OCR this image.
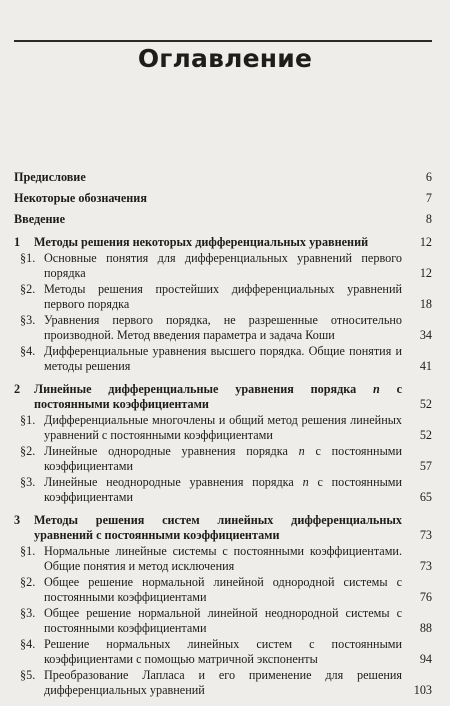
Оглавление
Предисловие	6
Некоторые обозначения	7
Введение	8
1	Методы решения некоторых дифференциальных уравнений	12
§1. Основные понятия для дифференциальных уравнений первого порядка	12
§2. Методы решения простейших дифференциальных уравнений первого порядка	18
§3. Уравнения первого порядка, не разрешенные относительно производной. Метод введения параметра и задача Коши	34
§4. Дифференциальные уравнения высшего порядка. Общие понятия и методы решения	41
2	Линейные дифференциальные уравнения порядка n с постоянными коэффициентами	52
§1. Дифференциальные многочлены и общий метод решения линейных уравнений с постоянными коэффициентами	52
§2. Линейные однородные уравнения порядка n с постоянными коэффициентами	57
§3. Линейные неоднородные уравнения порядка n с постоянными коэффициентами	65
3	Методы решения систем линейных дифференциальных уравнений с постоянными коэффициентами	73
§1. Нормальные линейные системы с постоянными коэффициентами. Общие понятия и метод исключения	73
§2. Общее решение нормальной линейной однородной системы с постоянными коэффициентами	76
§3. Общее решение нормальной линейной неоднородной системы с постоянными коэффициентами	88
§4. Решение нормальных линейных систем с постоянными коэффициентами с помощью матричной экспоненты	94
§5. Преобразование Лапласа и его применение для решения дифференциальных уравнений	103
